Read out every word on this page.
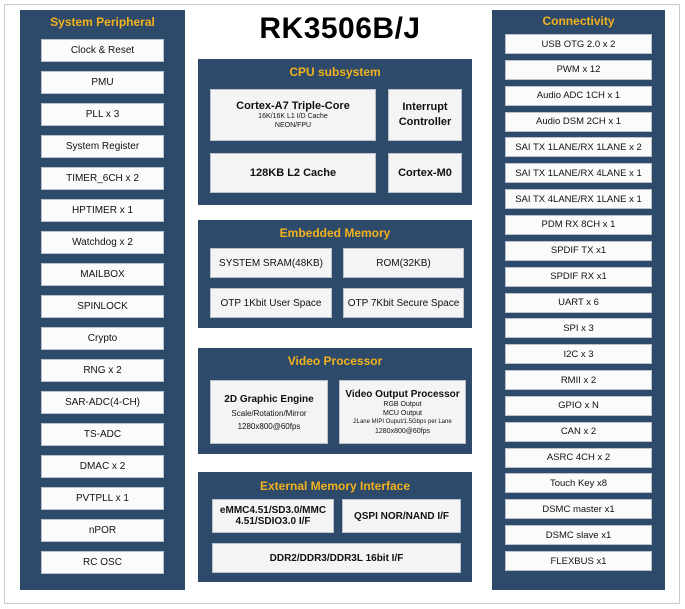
RK3506B/J
System Peripheral
Clock & Reset
PMU
PLL x 3
System Register
TIMER_6CH x 2
HPTIMER x 1
Watchdog x 2
MAILBOX
SPINLOCK
Crypto
RNG x 2
SAR-ADC(4-CH)
TS-ADC
DMAC x 2
PVTPLL x 1
nPOR
RC OSC
Connectivity
USB OTG 2.0 x 2
PWM x 12
Audio ADC 1CH x 1
Audio DSM 2CH x 1
SAI TX 1LANE/RX 1LANE x 2
SAI TX 1LANE/RX 4LANE x 1
SAI TX 4LANE/RX 1LANE x 1
PDM RX 8CH x 1
SPDIF TX x1
SPDIF RX x1
UART x 6
SPI x 3
I2C x 3
RMII x 2
GPIO x N
CAN x 2
ASRC 4CH x 2
Touch Key x8
DSMC master x1
DSMC slave x1
FLEXBUS x1
CPU subsystem
Cortex-A7 Triple-Core
16K/16K L1 I/D Cache
NEON/FPU
Interrupt Controller
128KB L2 Cache	Cortex-M0
Embedded Memory
SYSTEM SRAM(48KB)	ROM(32KB)
OTP 1Kbit User Space	OTP 7Kbit Secure Space
Video Processor
2D Graphic Engine
Scale/Rotation/Mirror
1280x800@60fps
Video Output Processor
RGB Output
MCU Output
2Lane MIPI Ouput/1.5Gbps per Lane
1280x800@60fps
External Memory Interface
eMMC4.51/SD3.0/MMC
4.51/SDIO3.0 I/F	QSPI NOR/NAND I/F
DDR2/DDR3/DDR3L 16bit I/F
